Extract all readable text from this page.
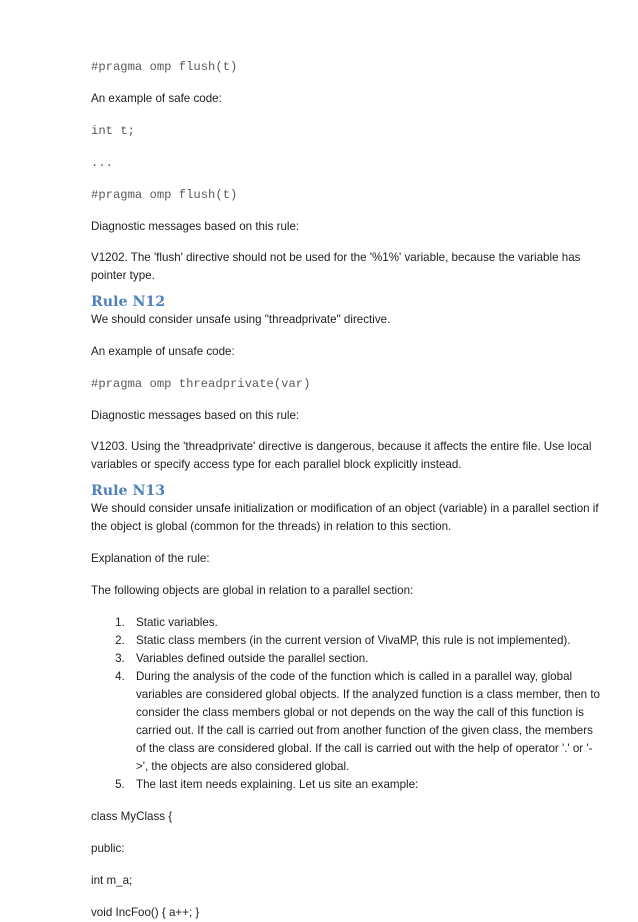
#pragma omp flush(t)

An example of safe code:

int t;

...

#pragma omp flush(t)

Diagnostic messages based on this rule:

V1202. The 'flush' directive should not be used for the '%1%' variable, because the variable has pointer type.

Rule N12

We should consider unsafe using "threadprivate" directive.

An example of unsafe code:

#pragma omp threadprivate(var)

Diagnostic messages based on this rule:

V1203. Using the 'threadprivate' directive is dangerous, because it affects the entire file. Use local variables or specify access type for each parallel block explicitly instead.

Rule N13

We should consider unsafe initialization or modification of an object (variable) in a parallel section if the object is global (common for the threads) in relation to this section.

Explanation of the rule:

The following objects are global in relation to a parallel section:

1. Static variables.
2. Static class members (in the current version of VivaMP, this rule is not implemented).
3. Variables defined outside the parallel section.
4. During the analysis of the code of the function which is called in a parallel way, global variables are considered global objects. If the analyzed function is a class member, then to consider the class members global or not depends on the way the call of this function is carried out. If the call is carried out from another function of the given class, the members of the class are considered global. If the call is carried out with the help of operator '.' or '->', the objects are also considered global.
5. The last item needs explaining. Let us site an example:

class MyClass {

public:

int m_a;

void IncFoo() { a++; }
